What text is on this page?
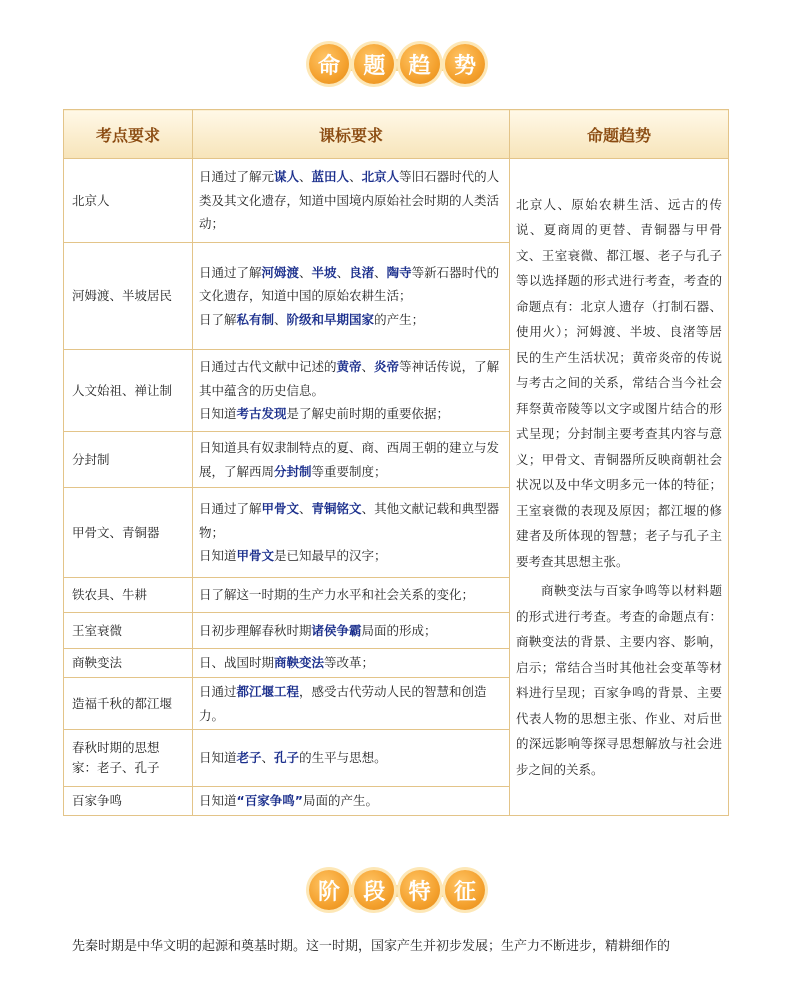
命	题	趋	势
考点要求	课标要求	命题趋势
北京人	日通过了解元谋人、蓝田人、北京人等旧石器时代的人类及其文化遗存，知道中国境内原始社会时期的人类活动；	北京人、原始农耕生活、远古的传说、夏商周的更替、青铜器与甲骨文、王室衰微、都江堰、老子与孔子等以选择题的形式进行考查，考查的命题点有：北京人遗存（打制石器、使用火）；河姆渡、半坡、良渚等居民的生产生活状况；黄帝炎帝的传说与考古之间的关系，常结合当今社会拜祭黄帝陵等以文字或图片结合的形式呈现；分封制主要考查其内容与意义；甲骨文、青铜器所反映商朝社会状况以及中华文明多元一体的特征；王室衰微的表现及原因；都江堰的修建者及所体现的智慧；老子与孔子主要考查其思想主张。

商鞅变法与百家争鸣等以材料题的形式进行考查。考查的命题点有：商鞅变法的背景、主要内容、影响，启示；常结合当时其他社会变革等材料进行呈现；百家争鸣的背景、主要代表人物的思想主张、作业、对后世的深远影响等探寻思想解放与社会进步之间的关系。

河姆渡、半坡居民	日通过了解河姆渡、半坡、良渚、陶寺等新石器时代的文化遗存，知道中国的原始农耕生活；
日了解私有制、阶级和早期国家的产生；	

人文始祖、禅让制	日通过古代文献中记述的黄帝、炎帝等神话传说，了解其中蕴含的历史信息。
日知道考古发现是了解史前时期的重要依据；	

分封制	日知道具有奴隶制特点的夏、商、西周王朝的建立与发展，了解西周分封制等重要制度；	

甲骨文、青铜器	日通过了解甲骨文、青铜铭文、其他文献记载和典型器物；
日知道甲骨文是已知最早的汉字；	

铁农具、牛耕	日了解这一时期的生产力水平和社会关系的变化；	

王室衰微	日初步理解春秋时期诸侯争霸局面的形成；	

商鞅变法	日、战国时期商鞅变法等改革；	

造福千秋的都江堰	日通过都江堰工程，感受古代劳动人民的智慧和创造力。	

春秋时期的思想家：老子、孔子	日知道老子、孔子的生平与思想。	

百家争鸣	日知道“百家争鸣”局面的产生。	
阶	段	特	征
先秦时期是中华文明的起源和奠基时期。这一时期，国家产生并初步发展；生产力不断进步，精耕细作的
